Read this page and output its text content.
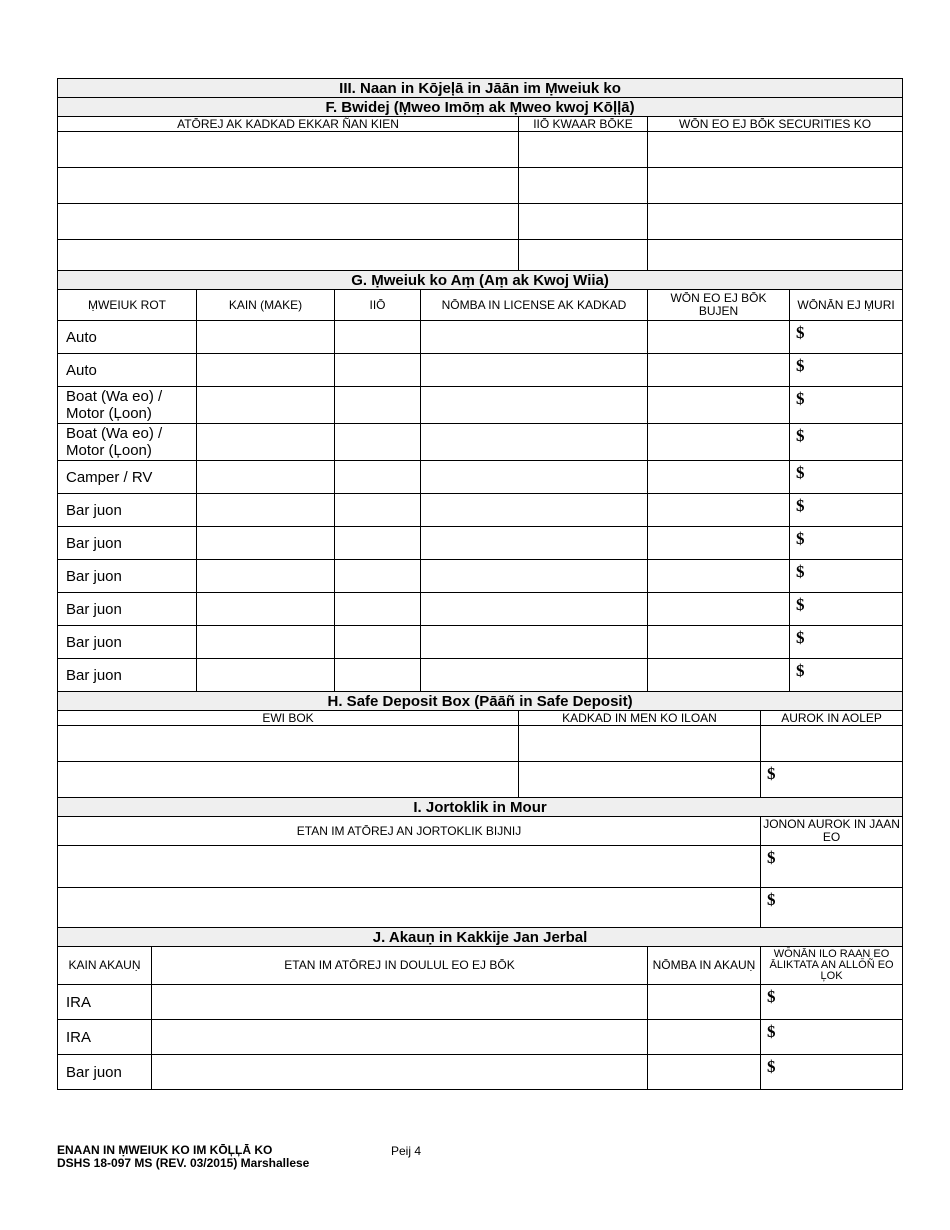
III. Naan in Kōjeļā in Jāān im Ṃweiuk ko								
F. Bwidej (Ṃweo Imōṃ ak Ṃweo kwoj Kōļļā)								
ATŌREJ AK KADKAD EKKAR ÑAN KIEN					IIŌ KWAAR BŌKE	WŌN EO EJ BŌK SECURITIES KO		

G. Ṃweiuk ko Aṃ (Aṃ ak Kwoj Wiia)								
ṂWEIUK ROT		KAIN (MAKE)	IIŌ	NŌMBA IN LICENSE AK KADKAD		WŌN EO EJ BŌK BUJEN		WŌNĀN EJ ṂURI
Auto								$
Auto								$
Boat (Wa eo) / Motor (Ļoon)								$
Boat (Wa eo) / Motor (Ļoon)								$
Camper / RV								$
Bar juon								$
Bar juon								$
Bar juon								$
Bar juon								$
Bar juon								$
Bar juon								$
H. Safe Deposit Box (Pāāñ in Safe Deposit)								
EWI BOK					KADKAD IN MEN KO ILOAN		AUROK IN AOLEP	

							$	
I. Jortoklik in Mour								
ETAN IM ATŌREJ AN JORTOKLIK BIJNIJ							JONON AUROK IN JAAN EO	
							$	
							$	
J. Akauṇ in Kakkije Jan Jerbal								
KAIN AKAUṆ	ETAN IM ATŌREJ IN DOULUL EO EJ BŌK					NŌMBA IN AKAUṆ	WŌNĀN ILO RAAN EO ĀLIKTATA AN ALLŌÑ EO ĻOK	
IRA							$	
IRA							$	
Bar juon							$	
ENAAN IN ṂWEIUK KO IM KŌĻĻĀ KO
DSHS 18-097 MS (REV. 03/2015) Marshallese
Peij 4
